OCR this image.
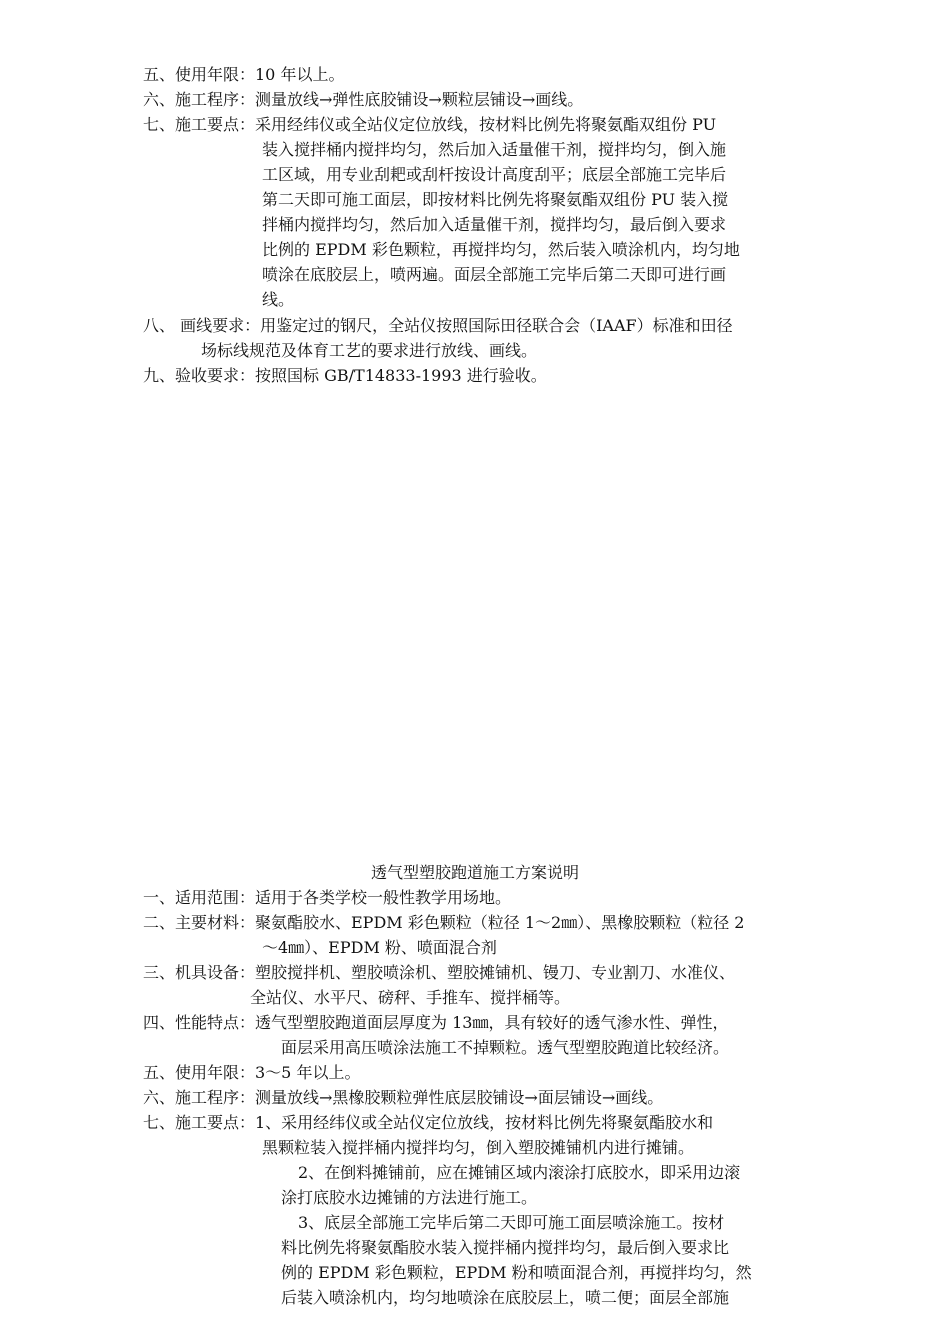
五、使用年限：10 年以上。
六、施工程序：测量放线→弹性底胶铺设→颗粒层铺设→画线。
七、施工要点：采用经纬仪或全站仪定位放线，按材料比例先将聚氨酯双组份 PU
装入搅拌桶内搅拌均匀，然后加入适量催干剂，搅拌均匀，倒入施
工区域，用专业刮耙或刮杆按设计高度刮平；底层全部施工完毕后
第二天即可施工面层，即按材料比例先将聚氨酯双组份 PU 装入搅
拌桶内搅拌均匀，然后加入适量催干剂，搅拌均匀，最后倒入要求
比例的 EPDM 彩色颗粒，再搅拌均匀，然后装入喷涂机内，均匀地
喷涂在底胶层上，喷两遍。面层全部施工完毕后第二天即可进行画
线。
八、 画线要求：用鉴定过的钢尺，全站仪按照国际田径联合会（IAAF）标准和田径
场标线规范及体育工艺的要求进行放线、画线。
九、验收要求：按照国标 GB/T14833-1993 进行验收。
透气型塑胶跑道施工方案说明
一、适用范围：适用于各类学校一般性教学用场地。
二、主要材料：聚氨酯胶水、EPDM 彩色颗粒（粒径 1～2㎜）、黑橡胶颗粒（粒径 2
～4㎜）、EPDM 粉、喷面混合剂
三、机具设备：塑胶搅拌机、塑胶喷涂机、塑胶摊铺机、镘刀、专业割刀、水准仪、
全站仪、水平尺、磅秤、手推车、搅拌桶等。
四、性能特点：透气型塑胶跑道面层厚度为 13㎜，具有较好的透气渗水性、弹性，
面层采用高压喷涂法施工不掉颗粒。透气型塑胶跑道比较经济。
五、使用年限：3～5 年以上。
六、施工程序：测量放线→黑橡胶颗粒弹性底层胶铺设→面层铺设→画线。
七、施工要点：1、采用经纬仪或全站仪定位放线，按材料比例先将聚氨酯胶水和
黑颗粒装入搅拌桶内搅拌均匀，倒入塑胶摊铺机内进行摊铺。
2、在倒料摊铺前，应在摊铺区域内滚涂打底胶水，即采用边滚
涂打底胶水边摊铺的方法进行施工。
3、底层全部施工完毕后第二天即可施工面层喷涂施工。按材
料比例先将聚氨酯胶水装入搅拌桶内搅拌均匀，最后倒入要求比
例的 EPDM 彩色颗粒，EPDM 粉和喷面混合剂，再搅拌均匀，然
后装入喷涂机内，均匀地喷涂在底胶层上，喷二便；面层全部施
